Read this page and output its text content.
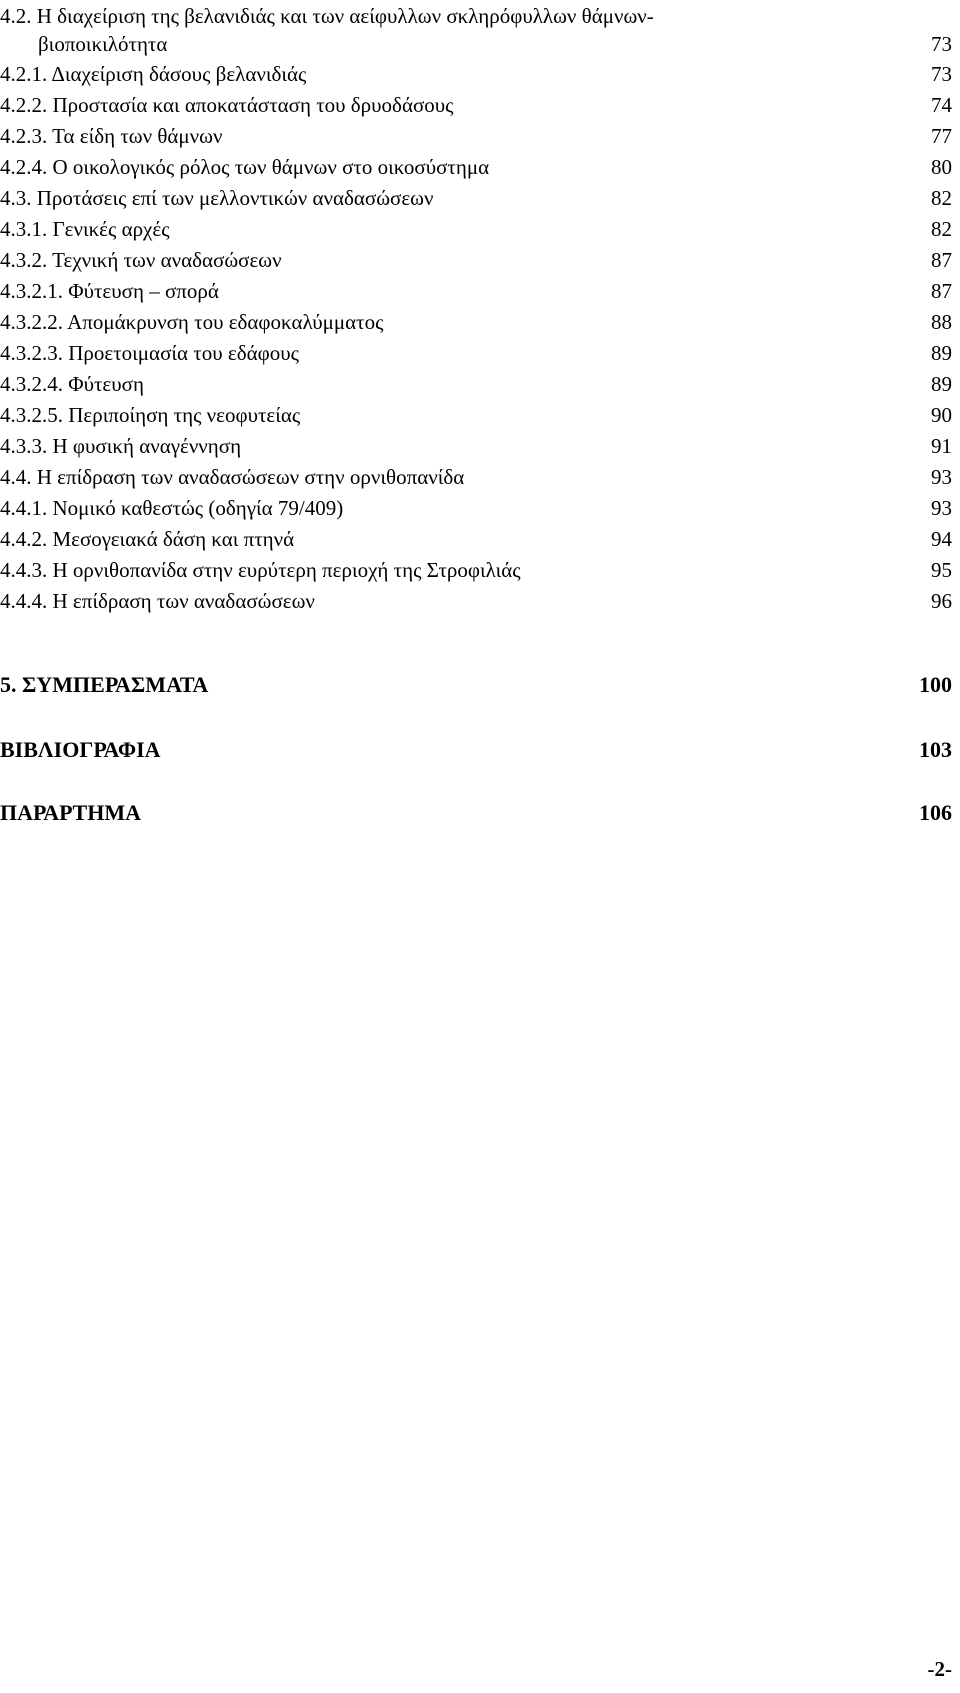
4.2. Η διαχείριση της βελανιδιάς και των αείφυλλων σκληρόφυλλων θάμνων-
βιοποικιλότητα	73
4.2.1. Διαχείριση δάσους βελανιδιάς	73
4.2.2. Προστασία και αποκατάσταση του δρυοδάσους	74
4.2.3. Τα είδη των θάμνων	77
4.2.4. Ο οικολογικός ρόλος των θάμνων στο οικοσύστημα	80
4.3. Προτάσεις επί των μελλοντικών αναδασώσεων	82
4.3.1. Γενικές αρχές	82
4.3.2. Τεχνική των αναδασώσεων	87
4.3.2.1. Φύτευση – σπορά	87
4.3.2.2. Απομάκρυνση του εδαφοκαλύμματος	88
4.3.2.3. Προετοιμασία του εδάφους	89
4.3.2.4. Φύτευση	89
4.3.2.5. Περιποίηση της νεοφυτείας	90
4.3.3. Η φυσική αναγέννηση	91
4.4. Η επίδραση των αναδασώσεων στην ορνιθοπανίδα	93
4.4.1. Νομικό καθεστώς (οδηγία 79/409)	93
4.4.2. Μεσογειακά δάση και πτηνά	94
4.4.3. Η ορνιθοπανίδα στην ευρύτερη περιοχή της Στροφιλιάς	95
4.4.4. Η επίδραση των αναδασώσεων	96
5. ΣΥΜΠΕΡΑΣΜΑΤΑ	100
ΒΙΒΛΙΟΓΡΑΦΙΑ	103
ΠΑΡΑΡΤΗΜΑ	106
-2-
